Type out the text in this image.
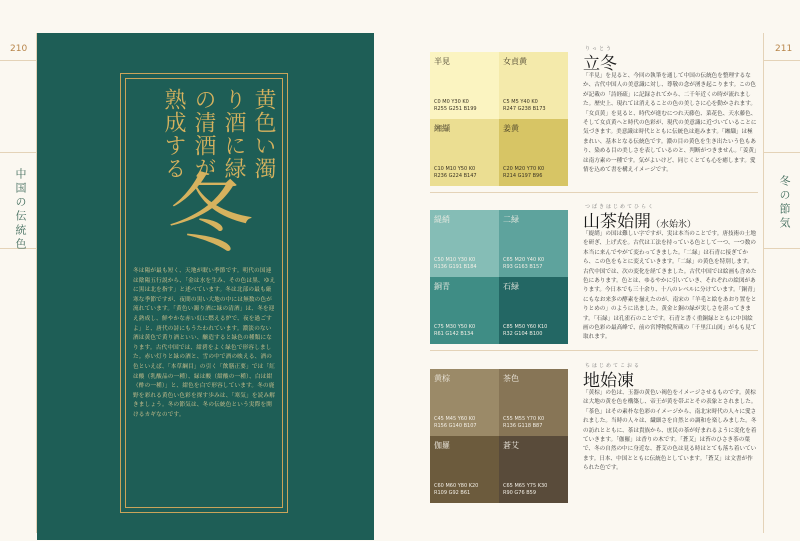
210	211
中国の伝統色	冬の節気
黄色い濁り酒に緑の清酒が熟成する
冬
冬は陽が最も短く、天地が眠い季節です。明代の国連は陰陽五行説から、「金は水を生み、その色は黒、ゆえに黒は北を指す」と述べています。冬は北部の最も厳寒な季節ですが、夜間の黒い大地の中には無数の色が流れています。「黄色い濁り酒に緑の清酒」は、冬を迎え熟成し、鮮やかな赤い紅に燃える炉で、夜を過ごすよ」と、唐代の詩にもうたわれています。濃淡のない酒は黄色で黄り酒といい、醸造すると緑色の種類になります。古代中国では、紺碧をよく緑色で形容しました。赤い灯りと緑の酒と、雪の中で酒の映える、酒の色といえば、「本草綱目」の引く「飲膳正要」では「紅は酸（乳酸品の一種）、緑は酸（紺酸の一種）、白は紺（酢の一種）」と、紺色を白で形容しています。冬の鹿野を彩れる黄色い色彩を探す歩みは、「寒気」を読み解きましょう。冬の節気は、冬の伝統色という実際を開けるカギなのです。
半見
C0 M0 Y30 K0
R255 G251 B199
女貞黄
C5 M5 Y40 K0
R247 G238 B173
緗纈
C10 M10 Y50 K0
R236 G224 B147
姜黄
C20 M20 Y70 K0
R214 G197 B96
りっとう
立冬
「半見」を見ると、今回の執筆を通して中国の伝統色を整理するなか、古代中国人の美意識に対し、尊敬の念が湧き起こります。この色が記載の「詩経疏」に記録されてから、二千年近くの時が流れました。歴史上、現れては消えることの色の美しさに心を動かされます。「女貞黄」を見ると、時代が進むにつれ天藤色、菜花色、天水藤色、そして女貞黄へと時代の色彩が、現代の美意識に近づいていることに気づきます。美意識は時代とともに伝統色は進みます。「緗纈」は極まれい、基本となる伝統色です。濃の目の黄色を生き出たいう色もあり、染める目の美しさを表しているのと、判断がつきません。「姜黄」は南方素の一種です。気がよいけど、同じくとても心を癒します。愛情を込めて書を構えイメージです。
緹綃
C50 M10 Y30 K0
R136 G191 B184
二緑
C65 M20 Y40 K0
R93 G163 B157
銅青
C75 M30 Y50 K0
R61 G142 B134
石緑
C85 M50 Y60 K10
R32 G104 B100
つばきはじめてひらく
山茶始開（水始氷）
「緹綃」の国は難しい字ですが、実は本当のことです。唐技術の土地を研ぎ、上げ式を。古代は工法を持っている色として一つ、一つ数の本当に来んでやがて変わってきました。「二緑」は石青に接ぎてから、この色をもとに変えていきます。「二緑」の黄色を特別します。古代中国では、次の変化を経てきました。古代中国では絵画も含めた色にあります。色とは、ゆるやかに引いていき、それぞれの絵図があります。今日本でも三十余り、十八のレベルに分けています。「銅青」にもなお来多の酵素を揃えたのが、南宋の「羊毛と絵をあおり置をとりとめの」のように出ました。黄金と銅の緑が実しさを湛ってきます。「石緑」は孔雀石のことです。石青と書く重銅緑とともに中国絵画の色彩の最高峰で、前の宮博物院所蔵の「千里江山図」がもも見て取れます。
黄棕
C45 M45 Y60 K0
R156 G140 B107
茶色
C55 M55 Y70 K0
R136 G118 B87
伽羅
C60 M60 Y80 K20
R109 G92 B61
蒼艾
C65 M65 Y75 K30
R90 G76 B59
ちはじめてこおる
地始凍
「黄棕」の色は、玉器の黄色い褐色をイメージさせるものです。黄棕は大地の黄を色を構築し、帝王が黄を帯ぶとその表象とされました。「茶色」はその素朴な色彩のイメージから、南北宋時代の人々に愛されました。当時の人々は、繊細さを自然との調和を楽しみました。冬の訪れとともに、茶は貴族から、庶民の茶が好まれるように変化を着ていきます。「伽羅」は香りの木です。「蒼艾」は苔のひさき茶の葉で、冬の自然の中に身近な、蒼艾の色は見る時はとても落ち着いています。日本、中国とともに伝統色としています。「蒼艾」は文書が作られた色です。
